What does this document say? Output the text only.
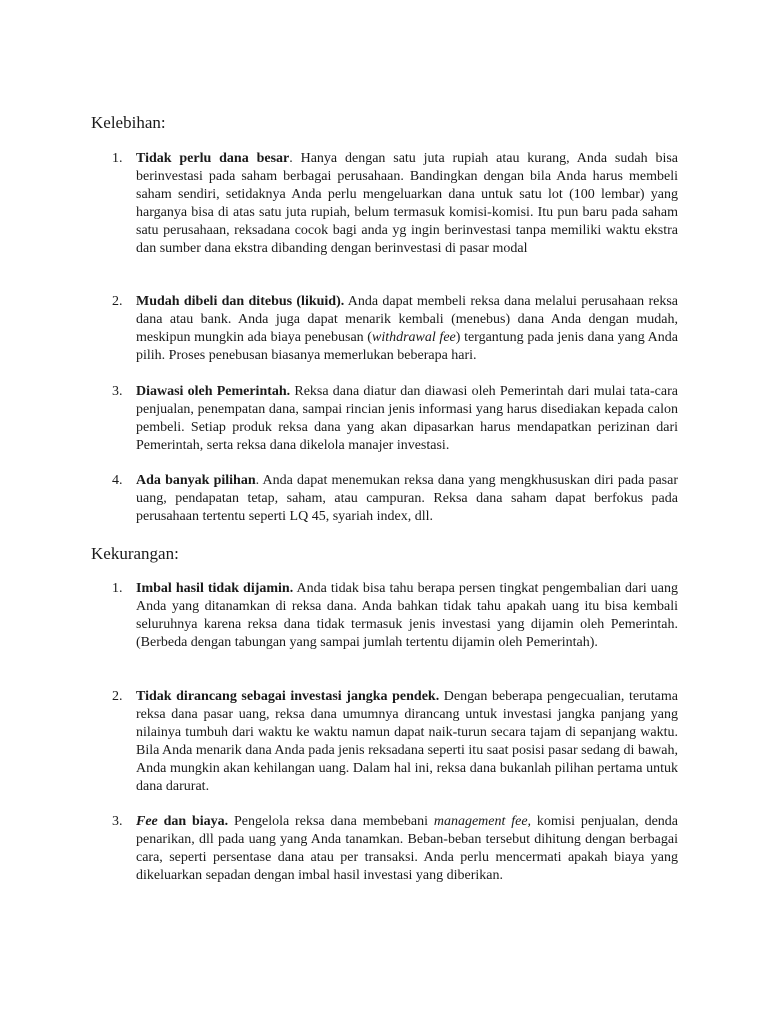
Kelebihan:
1. Tidak perlu dana besar. Hanya dengan satu juta rupiah atau kurang, Anda sudah bisa berinvestasi pada saham berbagai perusahaan. Bandingkan dengan bila Anda harus membeli saham sendiri, setidaknya Anda perlu mengeluarkan dana untuk satu lot (100 lembar) yang harganya bisa di atas satu juta rupiah, belum termasuk komisi-komisi. Itu pun baru pada saham satu perusahaan, reksadana cocok bagi anda yg ingin berinvestasi tanpa memiliki waktu ekstra dan sumber dana ekstra dibanding dengan berinvestasi di pasar modal
2. Mudah dibeli dan ditebus (likuid). Anda dapat membeli reksa dana melalui perusahaan reksa dana atau bank. Anda juga dapat menarik kembali (menebus) dana Anda dengan mudah, meskipun mungkin ada biaya penebusan (withdrawal fee) tergantung pada jenis dana yang Anda pilih. Proses penebusan biasanya memerlukan beberapa hari.
3. Diawasi oleh Pemerintah. Reksa dana diatur dan diawasi oleh Pemerintah dari mulai tata-cara penjualan, penempatan dana, sampai rincian jenis informasi yang harus disediakan kepada calon pembeli. Setiap produk reksa dana yang akan dipasarkan harus mendapatkan perizinan dari Pemerintah, serta reksa dana dikelola manajer investasi.
4. Ada banyak pilihan. Anda dapat menemukan reksa dana yang mengkhususkan diri pada pasar uang, pendapatan tetap, saham, atau campuran. Reksa dana saham dapat berfokus pada perusahaan tertentu seperti LQ 45, syariah index, dll.
Kekurangan:
1. Imbal hasil tidak dijamin. Anda tidak bisa tahu berapa persen tingkat pengembalian dari uang Anda yang ditanamkan di reksa dana. Anda bahkan tidak tahu apakah uang itu bisa kembali seluruhnya karena reksa dana tidak termasuk jenis investasi yang dijamin oleh Pemerintah. (Berbeda dengan tabungan yang sampai jumlah tertentu dijamin oleh Pemerintah).
2. Tidak dirancang sebagai investasi jangka pendek. Dengan beberapa pengecualian, terutama reksa dana pasar uang, reksa dana umumnya dirancang untuk investasi jangka panjang yang nilainya tumbuh dari waktu ke waktu namun dapat naik-turun secara tajam di sepanjang waktu. Bila Anda menarik dana Anda pada jenis reksadana seperti itu saat posisi pasar sedang di bawah, Anda mungkin akan kehilangan uang. Dalam hal ini, reksa dana bukanlah pilihan pertama untuk dana darurat.
3. Fee dan biaya. Pengelola reksa dana membebani management fee, komisi penjualan, denda penarikan, dll pada uang yang Anda tanamkan. Beban-beban tersebut dihitung dengan berbagai cara, seperti persentase dana atau per transaksi. Anda perlu mencermati apakah biaya yang dikeluarkan sepadan dengan imbal hasil investasi yang diberikan.
